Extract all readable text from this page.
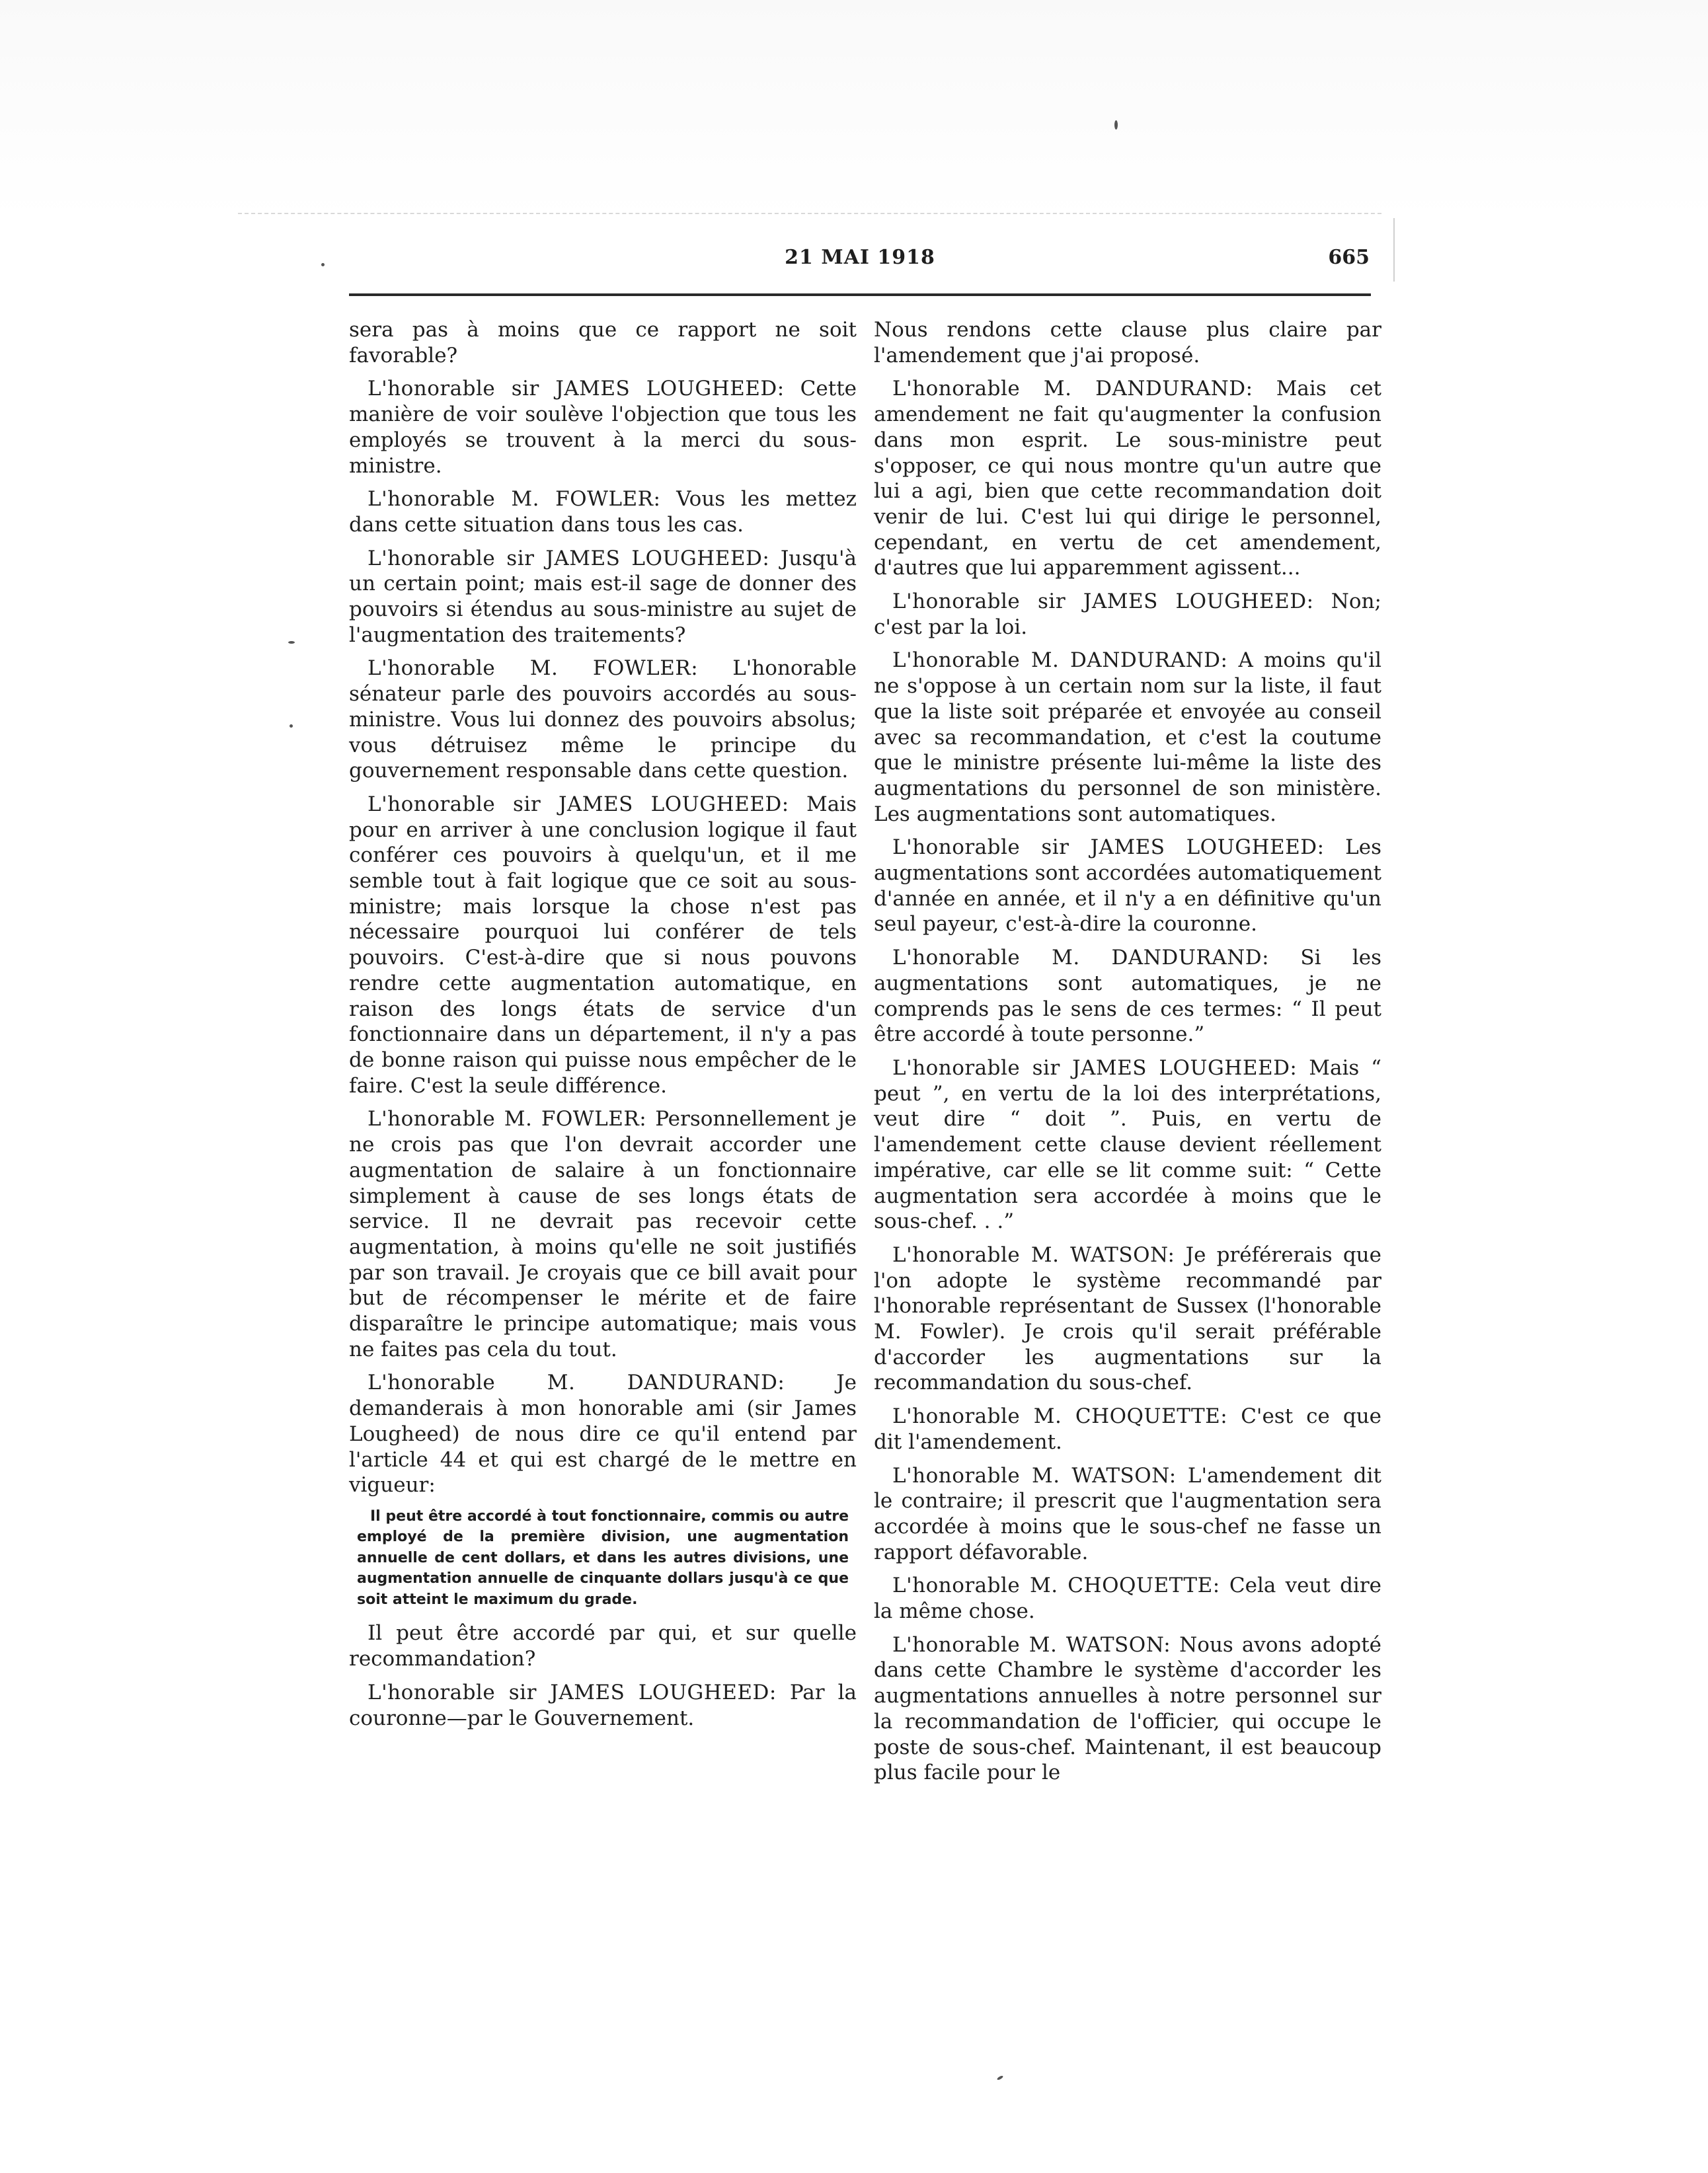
21 MAI 1918	665

sera pas à moins que ce rapport ne soit favorable?

L'honorable sir JAMES LOUGHEED: Cette manière de voir soulève l'objection que tous les employés se trouvent à la merci du sous-ministre.

L'honorable M. FOWLER: Vous les mettez dans cette situation dans tous les cas.

L'honorable sir JAMES LOUGHEED: Jusqu'à un certain point; mais est-il sage de donner des pouvoirs si étendus au sous-ministre au sujet de l'augmentation des traitements?

L'honorable M. FOWLER: L'honorable sénateur parle des pouvoirs accordés au sous-ministre. Vous lui donnez des pouvoirs absolus; vous détruisez même le principe du gouvernement responsable dans cette question.

L'honorable sir JAMES LOUGHEED: Mais pour en arriver à une conclusion logique il faut conférer ces pouvoirs à quelqu'un, et il me semble tout à fait logique que ce soit au sous-ministre; mais lorsque la chose n'est pas nécessaire pourquoi lui conférer de tels pouvoirs. C'est-à-dire que si nous pouvons rendre cette augmentation automatique, en raison des longs états de service d'un fonctionnaire dans un département, il n'y a pas de bonne raison qui puisse nous empêcher de le faire. C'est la seule différence.

L'honorable M. FOWLER: Personnellement je ne crois pas que l'on devrait accorder une augmentation de salaire à un fonctionnaire simplement à cause de ses longs états de service. Il ne devrait pas recevoir cette augmentation, à moins qu'elle ne soit justifiés par son travail. Je croyais que ce bill avait pour but de récompenser le mérite et de faire disparaître le principe automatique; mais vous ne faites pas cela du tout.

L'honorable M. DANDURAND:	Je demanderais à mon honorable ami (sir James Lougheed) de nous dire ce qu'il entend par l'article 44 et qui est chargé de le mettre en vigueur:

Il peut être accordé à tout fonctionnaire, commis ou autre employé de la première division, une augmentation annuelle de cent dollars, et dans les autres divisions, une augmentation annuelle de cinquante dollars jusqu'à ce que soit atteint le maximum du grade.

Il peut être accordé par qui, et sur quelle recommandation?

L'honorable sir JAMES LOUGHEED: Par la couronne—par le Gouvernement.

Nous rendons cette clause plus claire par l'amendement que j'ai proposé.

L'honorable M. DANDURAND: Mais cet amendement ne fait qu'augmenter la confusion dans mon esprit. Le sous-ministre peut s'opposer, ce qui nous montre qu'un autre que lui a agi, bien que cette recommandation doit venir de lui. C'est lui qui dirige le personnel, cependant, en vertu de cet amendement, d'autres que lui apparemment agissent...

L'honorable sir JAMES LOUGHEED: Non; c'est par la loi.

L'honorable M. DANDURAND: A moins qu'il ne s'oppose à un certain nom sur la liste, il faut que la liste soit préparée et envoyée au conseil avec sa recommandation, et c'est la coutume que le ministre présente lui-même la liste des augmentations du personnel de son ministère. Les augmentations sont automatiques.

L'honorable sir JAMES LOUGHEED: Les augmentations sont accordées automatiquement d'année en année, et il n'y a en définitive qu'un seul payeur, c'est-à-dire la couronne.

L'honorable M. DANDURAND: Si les augmentations sont automatiques, je ne comprends pas le sens de ces termes: “ Il peut être accordé à toute personne.”

L'honorable sir JAMES LOUGHEED: Mais “ peut ”, en vertu de la loi des interprétations, veut dire “ doit ”. Puis, en vertu de l'amendement cette clause devient réellement impérative, car elle se lit comme suit: “ Cette augmentation sera accordée à moins que le sous-chef. . .”

L'honorable M. WATSON: Je préférerais que l'on adopte le système recommandé par l'honorable représentant de Sussex (l'honorable M. Fowler). Je crois qu'il serait préférable d'accorder les augmentations sur la recommandation du sous-chef.

L'honorable M. CHOQUETTE: C'est ce que dit l'amendement.

L'honorable M. WATSON: L'amendement dit le contraire; il prescrit que l'augmentation sera accordée à moins que le sous-chef ne fasse un rapport défavorable.

L'honorable M. CHOQUETTE: Cela veut dire la même chose.

L'honorable M. WATSON: Nous avons adopté dans cette Chambre le système d'accorder les augmentations annuelles à notre personnel sur la recommandation de l'officier, qui occupe le poste de sous-chef. Maintenant, il est beaucoup plus facile pour le
